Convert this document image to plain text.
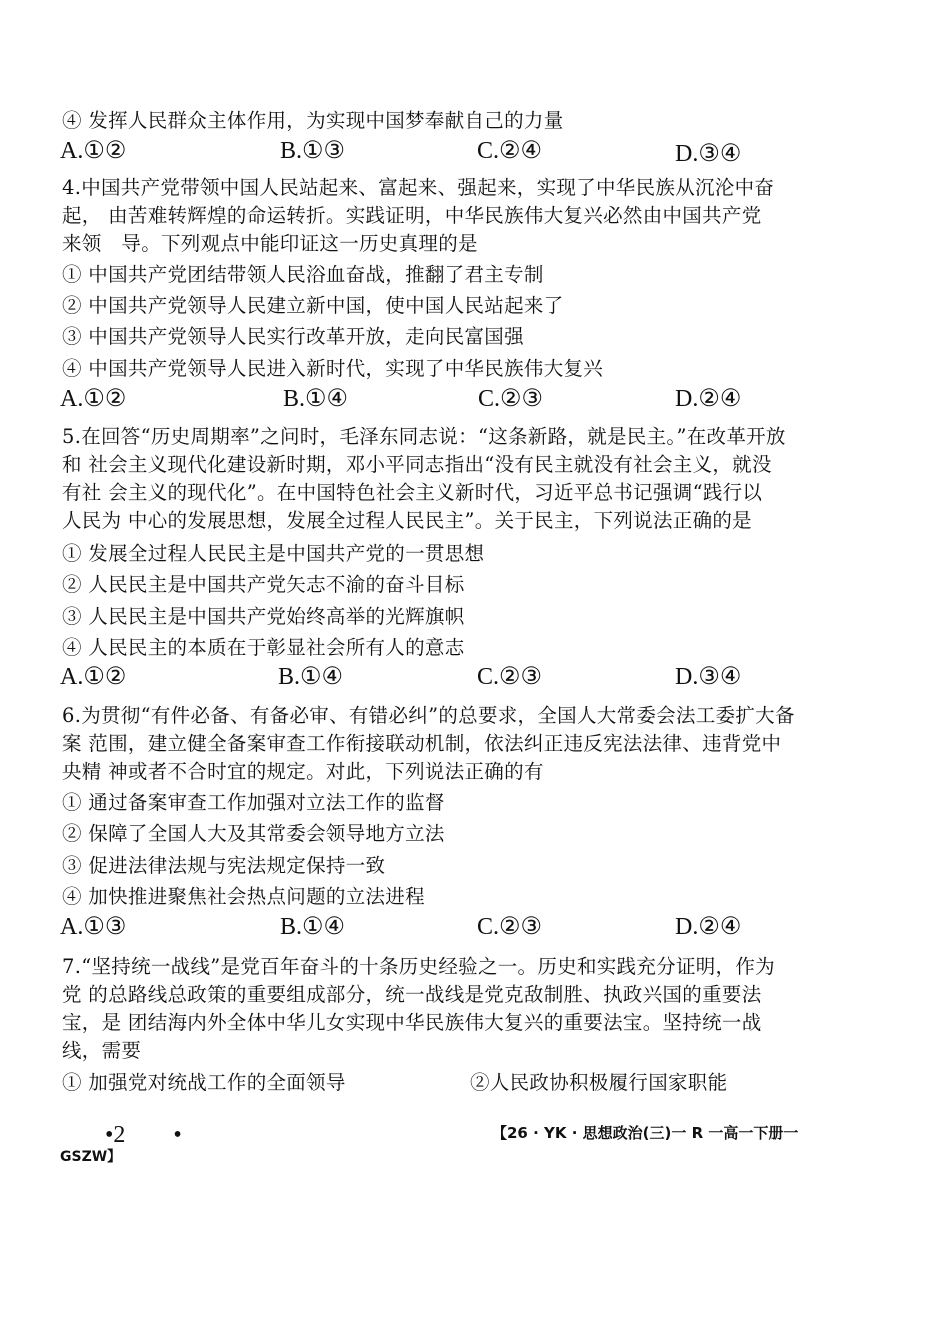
④ 发挥人民群众主体作用，为实现中国梦奉献自己的力量
A.①②	B.①③	C.②④	D.③④
4.中国共产党带领中国人民站起来、富起来、强起来，实现了中华民族从沉沦中奋
起， 由苦难转辉煌的命运转折。实践证明，中华民族伟大复兴必然由中国共产党
来领　导。下列观点中能印证这一历史真理的是
① 中国共产党团结带领人民浴血奋战，推翻了君主专制
② 中国共产党领导人民建立新中国，使中国人民站起来了
③ 中国共产党领导人民实行改革开放，走向民富国强
④ 中国共产党领导人民进入新时代，实现了中华民族伟大复兴
A.①②	B.①④	C.②③	D.②④
5.在回答“历史周期率”之问时，毛泽东同志说：“这条新路，就是民主。”在改革开放
和 社会主义现代化建设新时期，邓小平同志指出“没有民主就没有社会主义，就没
有社 会主义的现代化”。在中国特色社会主义新时代，习近平总书记强调“践行以
人民为 中心的发展思想，发展全过程人民民主”。关于民主，下列说法正确的是
① 发展全过程人民民主是中国共产党的一贯思想
② 人民民主是中国共产党矢志不渝的奋斗目标
③ 人民民主是中国共产党始终高举的光辉旗帜
④ 人民民主的本质在于彰显社会所有人的意志
A.①②	B.①④	C.②③	D.③④
6.为贯彻“有件必备、有备必审、有错必纠”的总要求，全国人大常委会法工委扩大备
案 范围，建立健全备案审查工作衔接联动机制，依法纠正违反宪法法律、违背党中
央精 神或者不合时宜的规定。对此，下列说法正确的有
① 通过备案审查工作加强对立法工作的监督
② 保障了全国人大及其常委会领导地方立法
③ 促进法律法规与宪法规定保持一致
④ 加快推进聚焦社会热点问题的立法进程
A.①③	B.①④	C.②③	D.②④
7.“坚持统一战线”是党百年奋斗的十条历史经验之一。历史和实践充分证明，作为
党 的总路线总政策的重要组成部分，统一战线是党克敌制胜、执政兴国的重要法
宝，是 团结海内外全体中华儿女实现中华民族伟大复兴的重要法宝。坚持统一战
线，需要
① 加强党对统战工作的全面领导	②人民政协积极履行国家职能
•2　　•	【26 · YK · 思想政治(三)一 R 一高一下册一
GSZW】
